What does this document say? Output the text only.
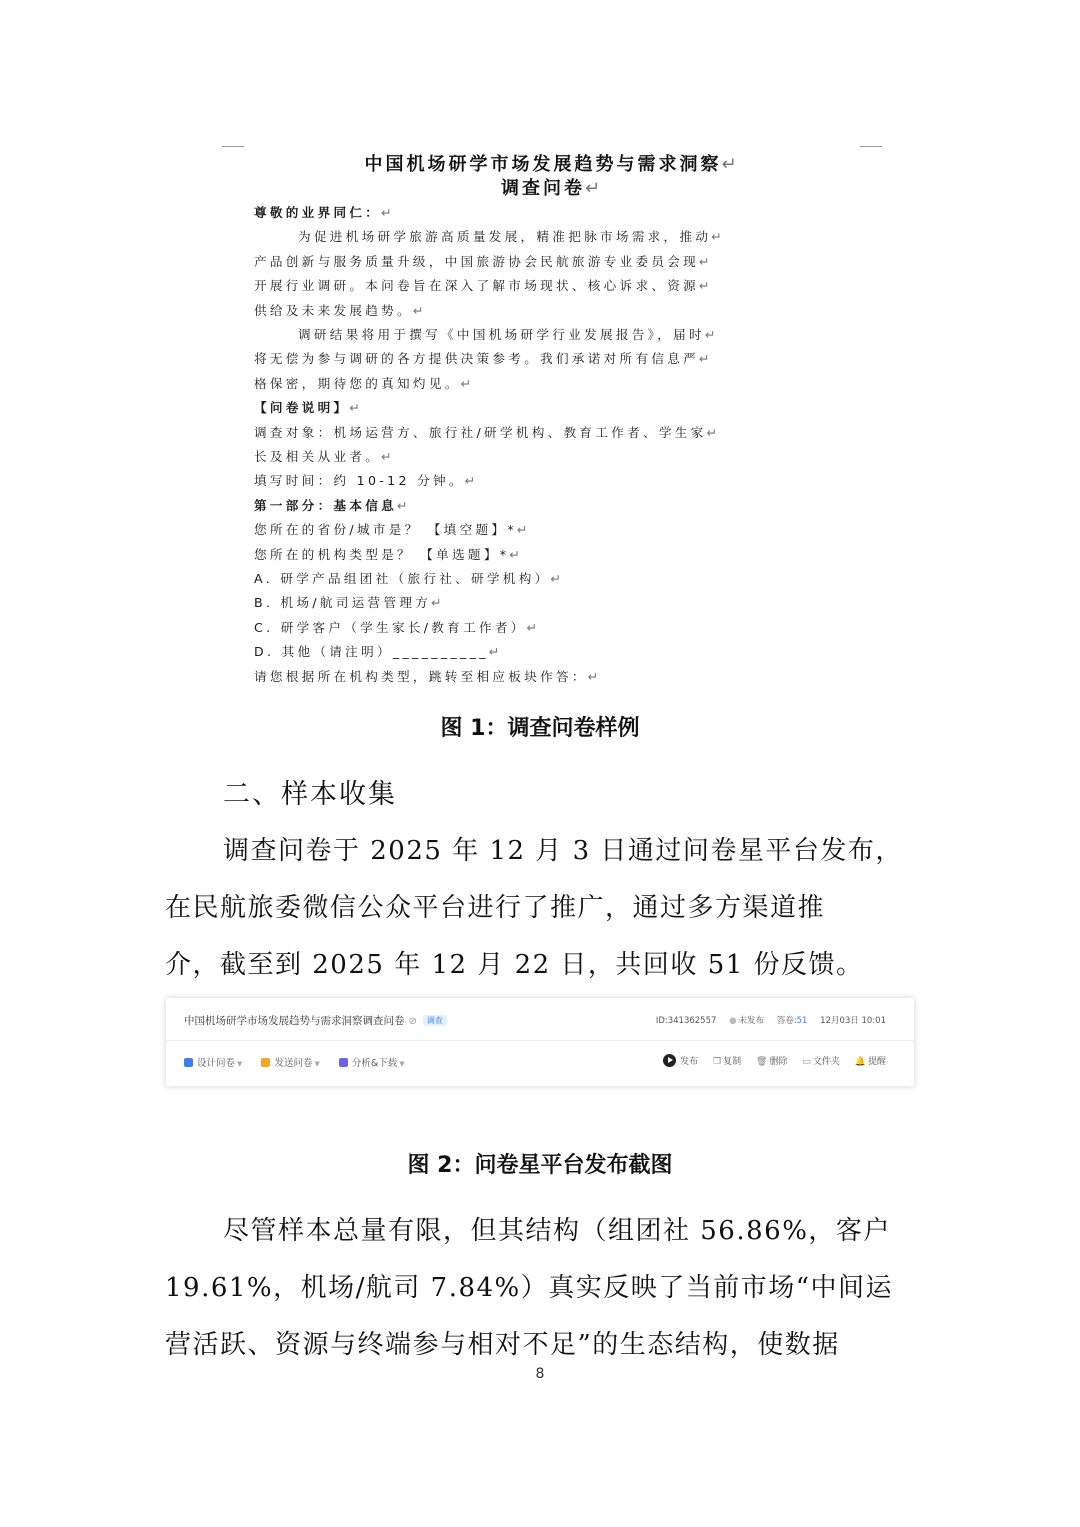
中国机场研学市场发展趋势与需求洞察↵
调查问卷↵
尊敬的业界同仁：↵
为促进机场研学旅游高质量发展，精准把脉市场需求，推动↵
产品创新与服务质量升级，中国旅游协会民航旅游专业委员会现↵
开展行业调研。本问卷旨在深入了解市场现状、核心诉求、资源↵
供给及未来发展趋势。↵
调研结果将用于撰写《中国机场研学行业发展报告》，届时↵
将无偿为参与调研的各方提供决策参考。我们承诺对所有信息严↵
格保密，期待您的真知灼见。↵
【问卷说明】↵
调查对象：机场运营方、旅行社/研学机构、教育工作者、学生家↵
长及相关从业者。↵
填写时间：约 10-12 分钟。↵
第一部分：基本信息↵
您所在的省份/城市是？ 【填空题】*↵
您所在的机构类型是？ 【单选题】*↵
A. 研学产品组团社（旅行社、研学机构）↵
B. 机场/航司运营管理方↵
C. 研学客户（学生家长/教育工作者）↵
D. 其他（请注明）__________↵
请您根据所在机构类型，跳转至相应板块作答：↵
图 1：调查问卷样例
二、样本收集
调查问卷于 2025 年 12 月 3 日通过问卷星平台发布，
在民航旅委微信公众平台进行了推广，通过多方渠道推
介，截至到 2025 年 12 月 22 日，共回收 51 份反馈。
中国机场研学市场发展趋势与需求洞察调查问卷 ⊘ 调查	ID:341362557 ● 未发布 答卷:51 12月03日 10:01
设计问卷 ▼	发送问卷 ▼	分析&下载 ▼	发布 ❐ 复制 🗑 删除 ▭ 文件夹 🔔 提醒
图 2：问卷星平台发布截图
尽管样本总量有限，但其结构（组团社 56.86%，客户
19.61%，机场/航司 7.84%）真实反映了当前市场“中间运
营活跃、资源与终端参与相对不足”的生态结构，使数据
8
